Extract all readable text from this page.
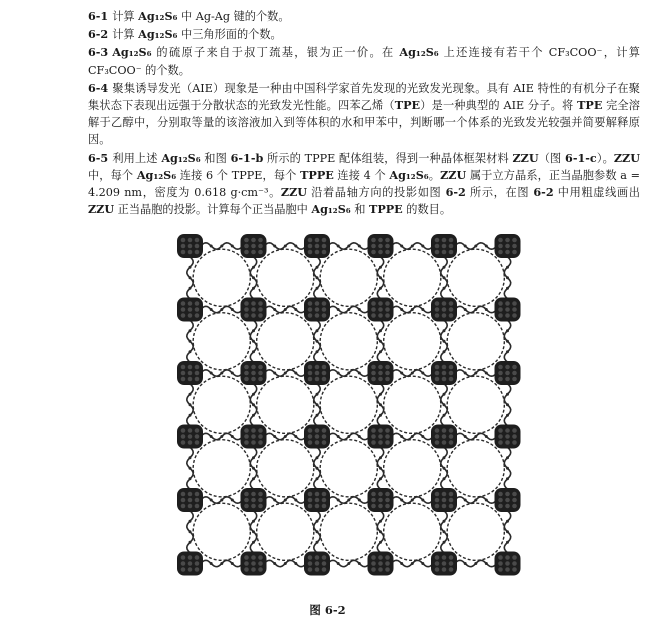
6-1 计算 Ag₁₂S₆ 中 Ag-Ag 键的个数。

6-2 计算 Ag₁₂S₆ 中三角形面的个数。

6-3 Ag₁₂S₆ 的硫原子来自于叔丁巯基，银为正一价。在 Ag₁₂S₆ 上还连接有若干个 CF₃COO⁻，计算 CF₃COO⁻ 的个数。

6-4 聚集诱导发光（AIE）现象是一种由中国科学家首先发现的光致发光现象。具有 AIE 特性的有机分子在聚集状态下表现出远强于分散状态的光致发光性能。四苯乙烯（TPE）是一种典型的 AIE 分子。将 TPE 完全溶解于乙醇中，分别取等量的该溶液加入到等体积的水和甲苯中，判断哪一个体系的光致发光较强并简要解释原因。

6-5 利用上述 Ag₁₂S₆ 和图 6-1-b 所示的 TPPE 配体组装，得到一种晶体框架材料 ZZU（图 6-1-c）。ZZU 中，每个 Ag₁₂S₆ 连接 6 个 TPPE，每个 TPPE 连接 4 个 Ag₁₂S₆。ZZU 属于立方晶系，正当晶胞参数 a = 4.209 nm，密度为 0.618 g·cm⁻³。ZZU 沿着晶轴方向的投影如图 6-2 所示，在图 6-2 中用粗虚线画出 ZZU 正当晶胞的投影。计算每个正当晶胞中 Ag₁₂S₆ 和 TPPE 的数目。

图 6-2
